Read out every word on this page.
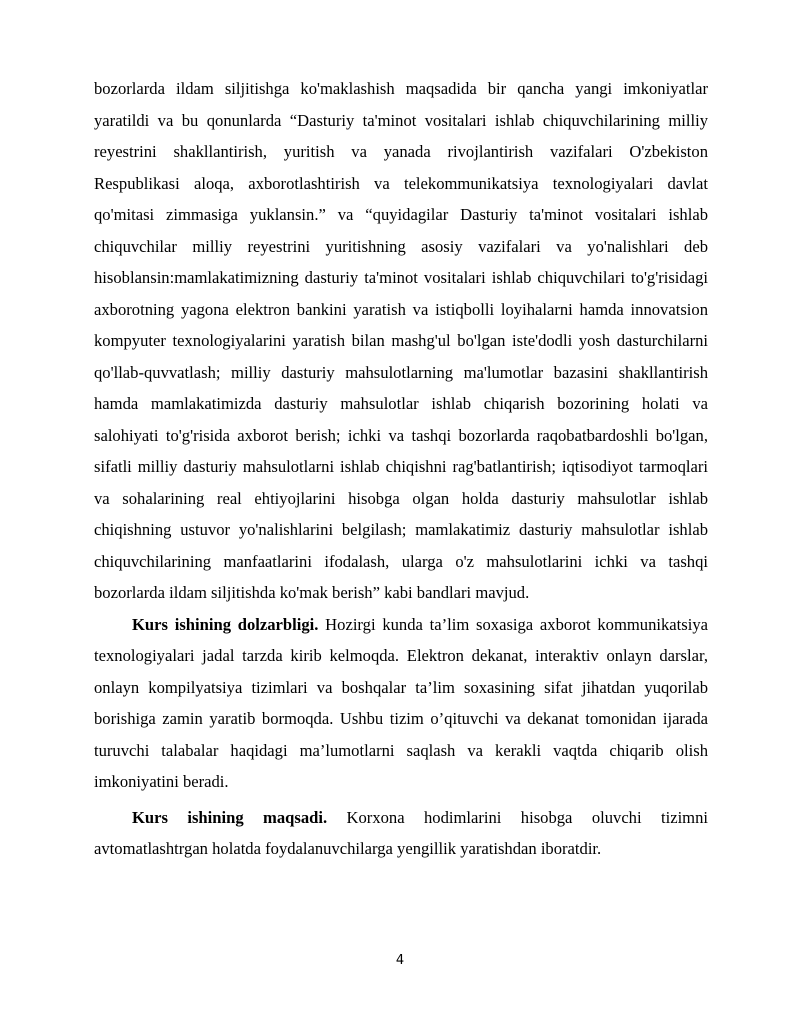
bozorlarda ildam siljitishga ko'maklashish maqsadida bir qancha yangi imkoniyatlar yaratildi va bu qonunlarda “Dasturiy ta'minot vositalari ishlab chiquvchilarining milliy reyestrini shakllantirish, yuritish va yanada rivojlantirish vazifalari O'zbekiston Respublikasi aloqa, axborotlashtirish va telekommunikatsiya texnologiyalari davlat qo'mitasi zimmasiga yuklansin.” va “quyidagilar Dasturiy ta'minot vositalari ishlab chiquvchilar milliy reyestrini yuritishning asosiy vazifalari va yo'nalishlari deb hisoblansin:mamlakatimizning dasturiy ta'minot vositalari ishlab chiquvchilari to'g'risidagi axborotning yagona elektron bankini yaratish va istiqbolli loyihalarni hamda innovatsion kompyuter texnologiyalarini yaratish bilan mashg'ul bo'lgan iste'dodli yosh dasturchilarni qo'llab-quvvatlash; milliy dasturiy mahsulotlarning ma'lumotlar bazasini shakllantirish hamda mamlakatimizda dasturiy mahsulotlar ishlab chiqarish bozorining holati va salohiyati to'g'risida axborot berish; ichki va tashqi bozorlarda raqobatbardoshli bo'lgan, sifatli milliy dasturiy mahsulotlarni ishlab chiqishni rag'batlantirish; iqtisodiyot tarmoqlari va sohalarining real ehtiyojlarini hisobga olgan holda dasturiy mahsulotlar ishlab chiqishning ustuvor yo'nalishlarini belgilash; mamlakatimiz dasturiy mahsulotlar ishlab chiquvchilarining manfaatlarini ifodalash, ularga o'z mahsulotlarini ichki va tashqi bozorlarda ildam siljitishda ko'mak berish” kabi bandlari mavjud.

Kurs ishining dolzarbligi. Hozirgi kunda ta’lim soxasiga axborot kommunikatsiya texnologiyalari jadal tarzda kirib kelmoqda. Elektron dekanat, interaktiv onlayn darslar, onlayn kompilyatsiya tizimlari va boshqalar ta’lim soxasining sifat jihatdan yuqorilab borishiga zamin yaratib bormoqda. Ushbu tizim o’qituvchi va dekanat tomonidan ijarada turuvchi talabalar haqidagi ma’lumotlarni saqlash va kerakli vaqtda chiqarib olish imkoniyatini beradi.

Kurs ishining maqsadi. Korxona hodimlarini hisobga oluvchi tizimni avtomatlashtrgan holatda foydalanuvchilarga yengillik yaratishdan iboratdir.

4
